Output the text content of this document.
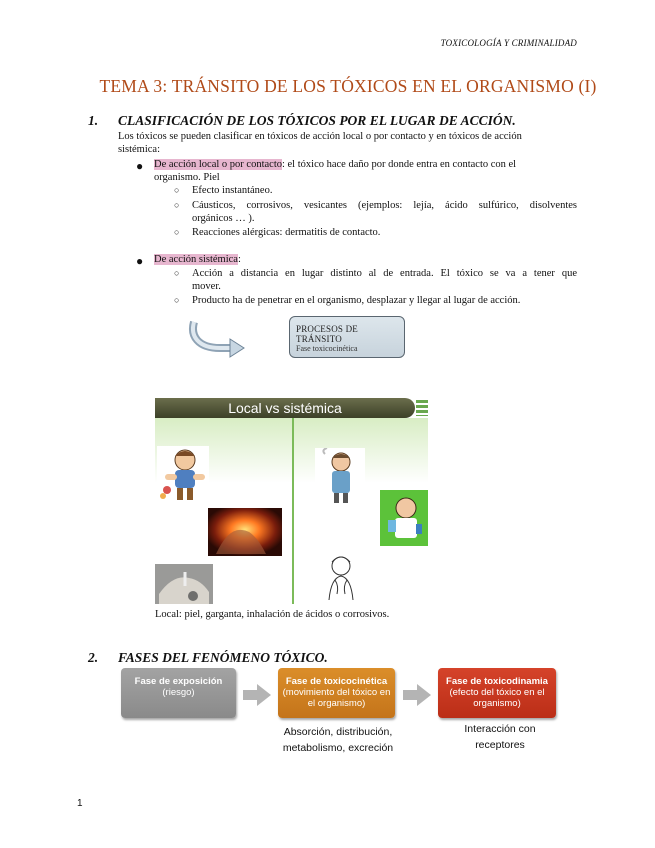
TOXICOLOGÍA Y CRIMINALIDAD
TEMA 3: TRÁNSITO DE LOS TÓXICOS EN EL ORGANISMO (I)
1. CLASIFICACIÓN DE LOS TÓXICOS POR EL LUGAR DE ACCIÓN.
Los tóxicos se pueden clasificar en tóxicos de acción local o por contacto y en tóxicos de acción
sistémica:
● De acción local o por contacto: el tóxico hace daño por donde entra en contacto con el
organismo. Piel
○ Efecto instantáneo.
○ Cáusticos, corrosivos, vesicantes (ejemplos: lejía, ácido sulfúrico, disolventes
orgánicos … ).
○ Reacciones alérgicas: dermatitis de contacto.
● De acción sistémica:
○ Acción a distancia en lugar distinto al de entrada. El tóxico se va a tener que
mover.
○ Producto ha de penetrar en el organismo, desplazar y llegar al lugar de acción.
PROCESOS DE TRÁNSITO
Fase toxicocinética
Local vs sistémica
Local: piel, garganta, inhalación de ácidos o corrosivos.
2. FASES DEL FENÓMENO TÓXICO.
Fase de exposición
(riesgo)
Fase de toxicocinética
(movimiento del tóxico en el organismo)
Fase de toxicodinamia
(efecto del tóxico en el organismo)
Absorción, distribución,
metabolismo, excreción
Interacción con
receptores
1
